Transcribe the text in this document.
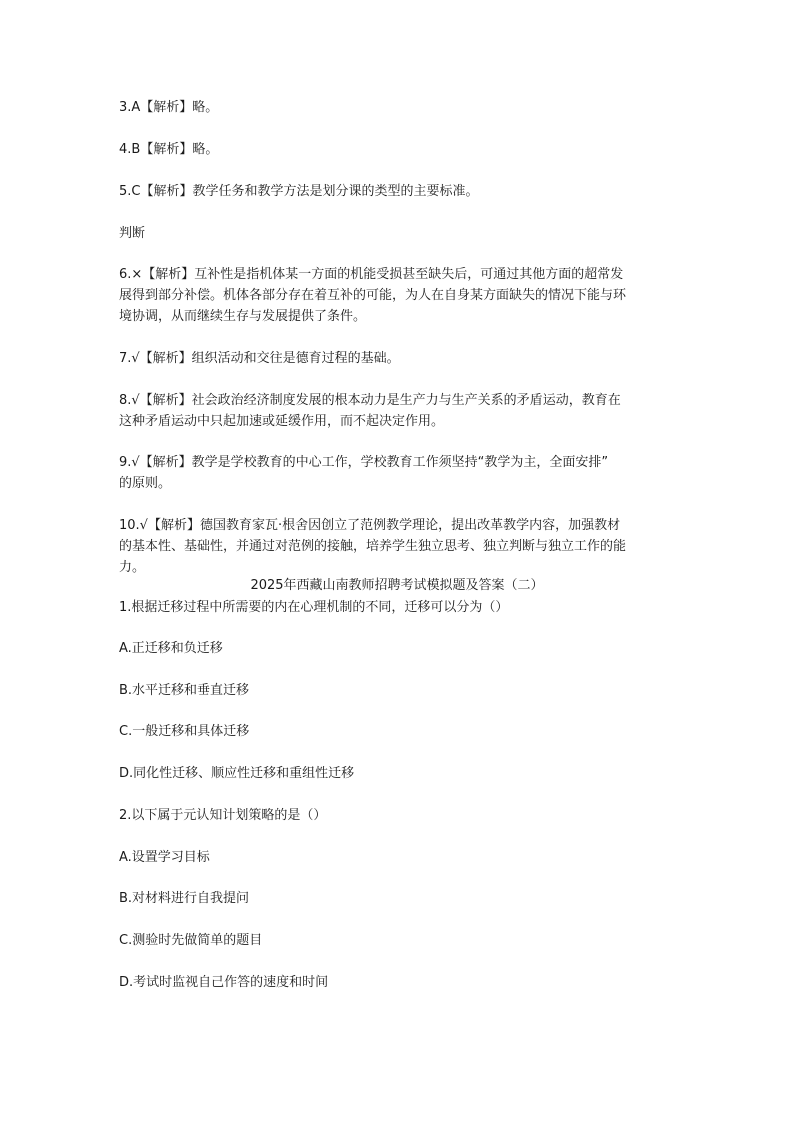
3.A【解析】略。
4.B【解析】略。
5.C【解析】教学任务和教学方法是划分课的类型的主要标准。
判断
6.×【解析】互补性是指机体某一方面的机能受损甚至缺失后，可通过其他方面的超常发
展得到部分补偿。机体各部分存在着互补的可能，为人在自身某方面缺失的情况下能与环
境协调，从而继续生存与发展提供了条件。
7.√【解析】组织活动和交往是德育过程的基础。
8.√【解析】社会政治经济制度发展的根本动力是生产力与生产关系的矛盾运动，教育在
这种矛盾运动中只起加速或延缓作用，而不起决定作用。
9.√【解析】教学是学校教育的中心工作，学校教育工作须坚持“教学为主，全面安排”
的原则。
10.√【解析】德国教育家瓦·根舍因创立了范例教学理论，提出改革教学内容，加强教材
的基本性、基础性，并通过对范例的接触，培养学生独立思考、独立判断与独立工作的能
力。
2025年西藏山南教师招聘考试模拟题及答案（二）
1.根据迁移过程中所需要的内在心理机制的不同，迁移可以分为（）
A.正迁移和负迁移
B.水平迁移和垂直迁移
C.一般迁移和具体迁移
D.同化性迁移、顺应性迁移和重组性迁移
2.以下属于元认知计划策略的是（）
A.设置学习目标
B.对材料进行自我提问
C.测验时先做简单的题目
D.考试时监视自己作答的速度和时间
